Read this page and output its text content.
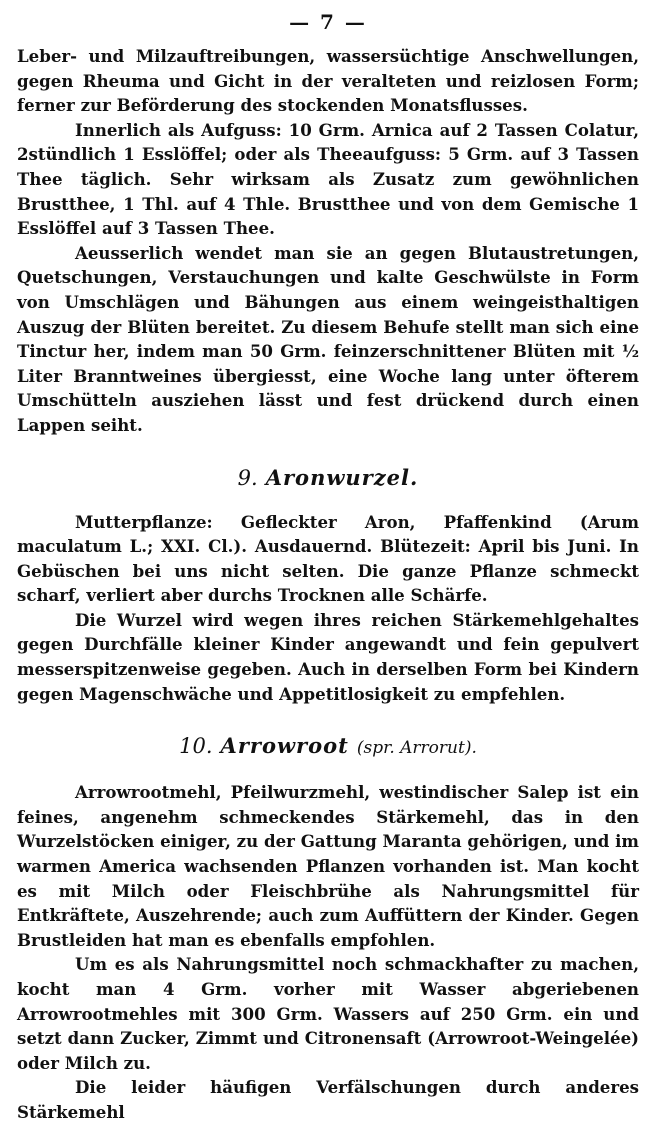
— 7 —

Leber- und Milzauftreibungen, wassersüchtige Anschwellungen, gegen Rheuma und Gicht in der veralteten und reizlosen Form; ferner zur Beförderung des stockenden Monatsflusses.

Innerlich als Aufguss: 10 Grm. Arnica auf 2 Tassen Colatur, 2stündlich 1 Esslöffel; oder als Theeaufguss: 5 Grm. auf 3 Tassen Thee täglich. Sehr wirksam als Zusatz zum gewöhnlichen Brustthee, 1 Thl. auf 4 Thle. Brustthee und von dem Gemische 1 Esslöffel auf 3 Tassen Thee.

Aeusserlich wendet man sie an gegen Blutaustretungen, Quetschungen, Verstauchungen und kalte Geschwülste in Form von Umschlägen und Bähungen aus einem weingeisthaltigen Auszug der Blüten bereitet. Zu diesem Behufe stellt man sich eine Tinctur her, indem man 50 Grm. feinzerschnittener Blüten mit ½ Liter Branntweines übergiesst, eine Woche lang unter öfterem Umschütteln ausziehen lässt und fest drückend durch einen Lappen seiht.

9. Aronwurzel.

Mutterpflanze: Gefleckter Aron, Pfaffenkind (Arum maculatum L.; XXI. Cl.). Ausdauernd. Blütezeit: April bis Juni. In Gebüschen bei uns nicht selten. Die ganze Pflanze schmeckt scharf, verliert aber durchs Trocknen alle Schärfe.

Die Wurzel wird wegen ihres reichen Stärkemehlgehaltes gegen Durchfälle kleiner Kinder angewandt und fein gepulvert messerspitzenweise gegeben. Auch in derselben Form bei Kindern gegen Magenschwäche und Appetitlosigkeit zu empfehlen.

10. Arrowroot (spr. Arrorut).

Arrowrootmehl, Pfeilwurzmehl, westindischer Salep ist ein feines, angenehm schmeckendes Stärkemehl, das in den Wurzelstöcken einiger, zu der Gattung Maranta gehörigen, und im warmen America wachsenden Pflanzen vorhanden ist. Man kocht es mit Milch oder Fleischbrühe als Nahrungsmittel für Entkräftete, Auszehrende; auch zum Auffüttern der Kinder. Gegen Brustleiden hat man es ebenfalls empfohlen.

Um es als Nahrungsmittel noch schmackhafter zu machen, kocht man 4 Grm. vorher mit Wasser abgeriebenen Arrowrootmehles mit 300 Grm. Wassers auf 250 Grm. ein und setzt dann Zucker, Zimmt und Citronensaft (Arrowroot-Weingelée) oder Milch zu.

Die leider häufigen Verfälschungen durch anderes Stärkemehl
